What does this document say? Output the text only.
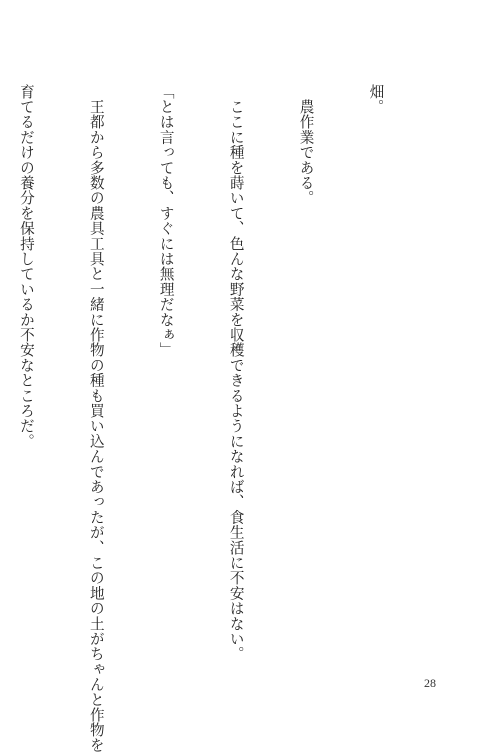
畑。

　農作業である。

　ここに種を蒔いて、色んな野菜を収穫できるようになれば、食生活に不安はない。

「とは言っても、すぐには無理だなぁ」

　王都から多数の農具工具と一緒に作物の種も買い込んであったが、この地の土がちゃんと作物を

育てるだけの養分を保持しているか不安なところだ。

28
